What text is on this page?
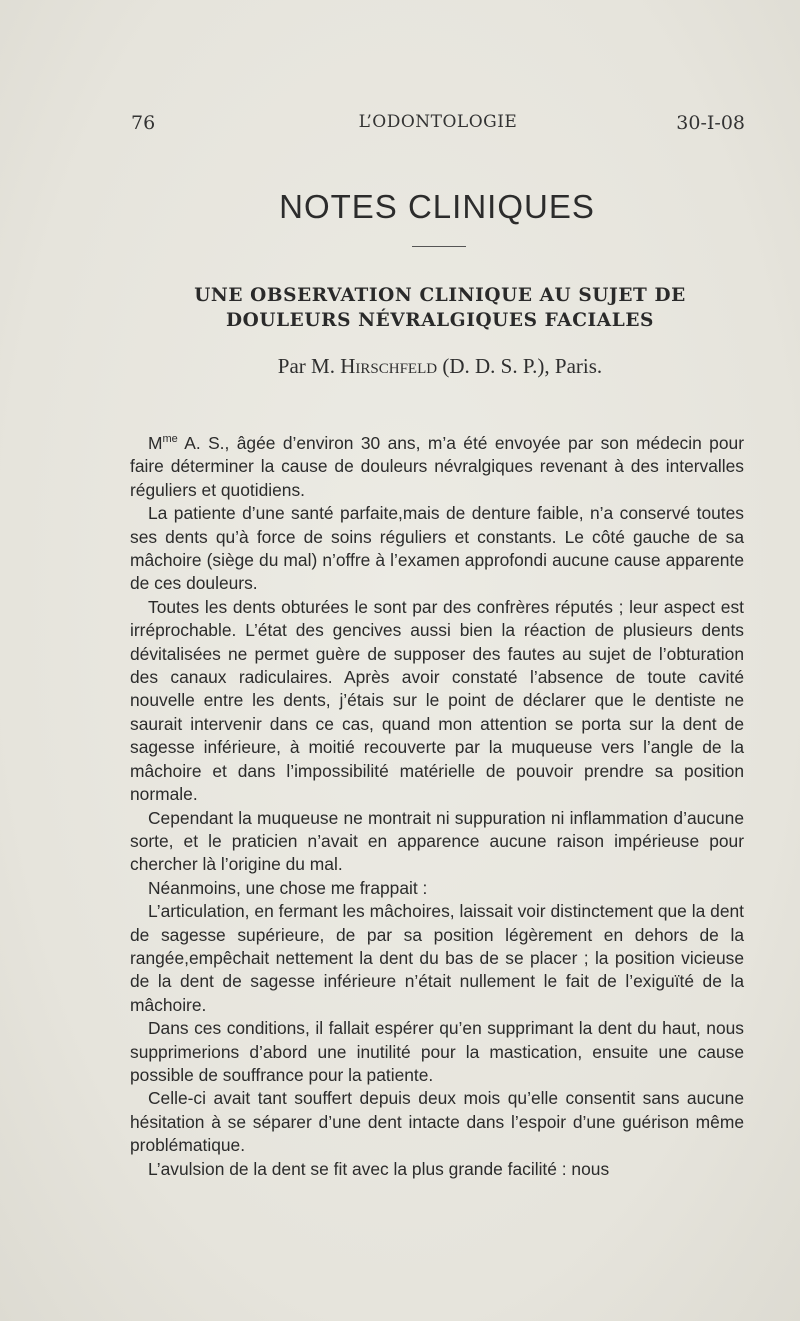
76	L’ODONTOLOGIE	30-I-08
NOTES CLINIQUES
UNE OBSERVATION CLINIQUE AU SUJET DE
DOULEURS NÉVRALGIQUES FACIALES
Par M. Hirschfeld (D. D. S. P.), Paris.

$M^{me}$ A. S., âgée d’environ 30 ans, m’a été envoyée par son médecin pour faire déterminer la cause de douleurs névralgiques revenant à des intervalles réguliers et quotidiens.

La patiente d’une santé parfaite,mais de denture faible, n’a conservé toutes ses dents qu’à force de soins réguliers et constants. Le côté gauche de sa mâchoire (siège du mal) n’offre à l’examen approfondi aucune cause apparente de ces douleurs.

Toutes les dents obturées le sont par des confrères réputés ; leur aspect est irréprochable. L’état des gencives aussi bien la réaction de plusieurs dents dévitalisées ne permet guère de supposer des fautes au sujet de l’obturation des canaux radiculaires. Après avoir constaté l’absence de toute cavité nouvelle entre les dents, j’étais sur le point de déclarer que le dentiste ne saurait intervenir dans ce cas, quand mon attention se porta sur la dent de sagesse inférieure, à moitié recouverte par la muqueuse vers l’angle de la mâchoire et dans l’impossibilité matérielle de pouvoir prendre sa position normale.

Cependant la muqueuse ne montrait ni suppuration ni inflammation d’aucune sorte, et le praticien n’avait en apparence aucune raison impérieuse pour chercher là l’origine du mal.

Néanmoins, une chose me frappait :

L’articulation, en fermant les mâchoires, laissait voir distinctement que la dent de sagesse supérieure, de par sa position légèrement en dehors de la rangée,empêchait nettement la dent du bas de se placer ; la position vicieuse de la dent de sagesse inférieure n’était nullement le fait de l’exiguïté de la mâchoire.

Dans ces conditions, il fallait espérer qu’en supprimant la dent du haut, nous supprimerions d’abord une inutilité pour la mastication, ensuite une cause possible de souffrance pour la patiente.

Celle-ci avait tant souffert depuis deux mois qu’elle consentit sans aucune hésitation à se séparer d’une dent intacte dans l’espoir d’une guérison même problématique.

L’avulsion de la dent se fit avec la plus grande facilité : nous
